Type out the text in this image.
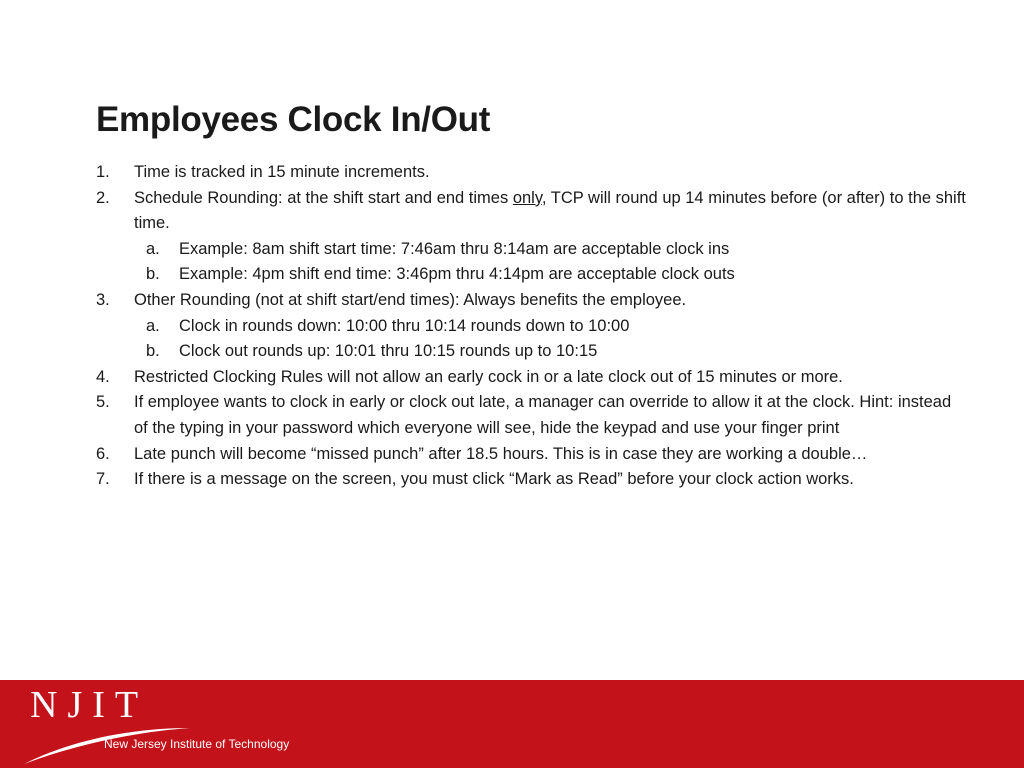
Employees Clock In/Out
1. Time is tracked in 15 minute increments.
2. Schedule Rounding: at the shift start and end times only, TCP will round up 14 minutes before (or after) to the shift time.
a. Example: 8am shift start time: 7:46am thru 8:14am are acceptable clock ins
b. Example: 4pm shift end time: 3:46pm thru 4:14pm are acceptable clock outs
3. Other Rounding (not at shift start/end times): Always benefits the employee.
a. Clock in rounds down: 10:00 thru 10:14 rounds down to 10:00
b. Clock out rounds up: 10:01 thru 10:15 rounds up to 10:15
4. Restricted Clocking Rules will not allow an early cock in or a late clock out of 15 minutes or more.
5. If employee wants to clock in early or clock out late, a manager can override to allow it at the clock. Hint: instead of the typing in your password which everyone will see, hide the keypad and use your finger print
6. Late punch will become “missed punch” after 18.5 hours. This is in case they are working a double…
7. If there is a message on the screen, you must click “Mark as Read” before your clock action works.
NJIT
New Jersey Institute of Technology
